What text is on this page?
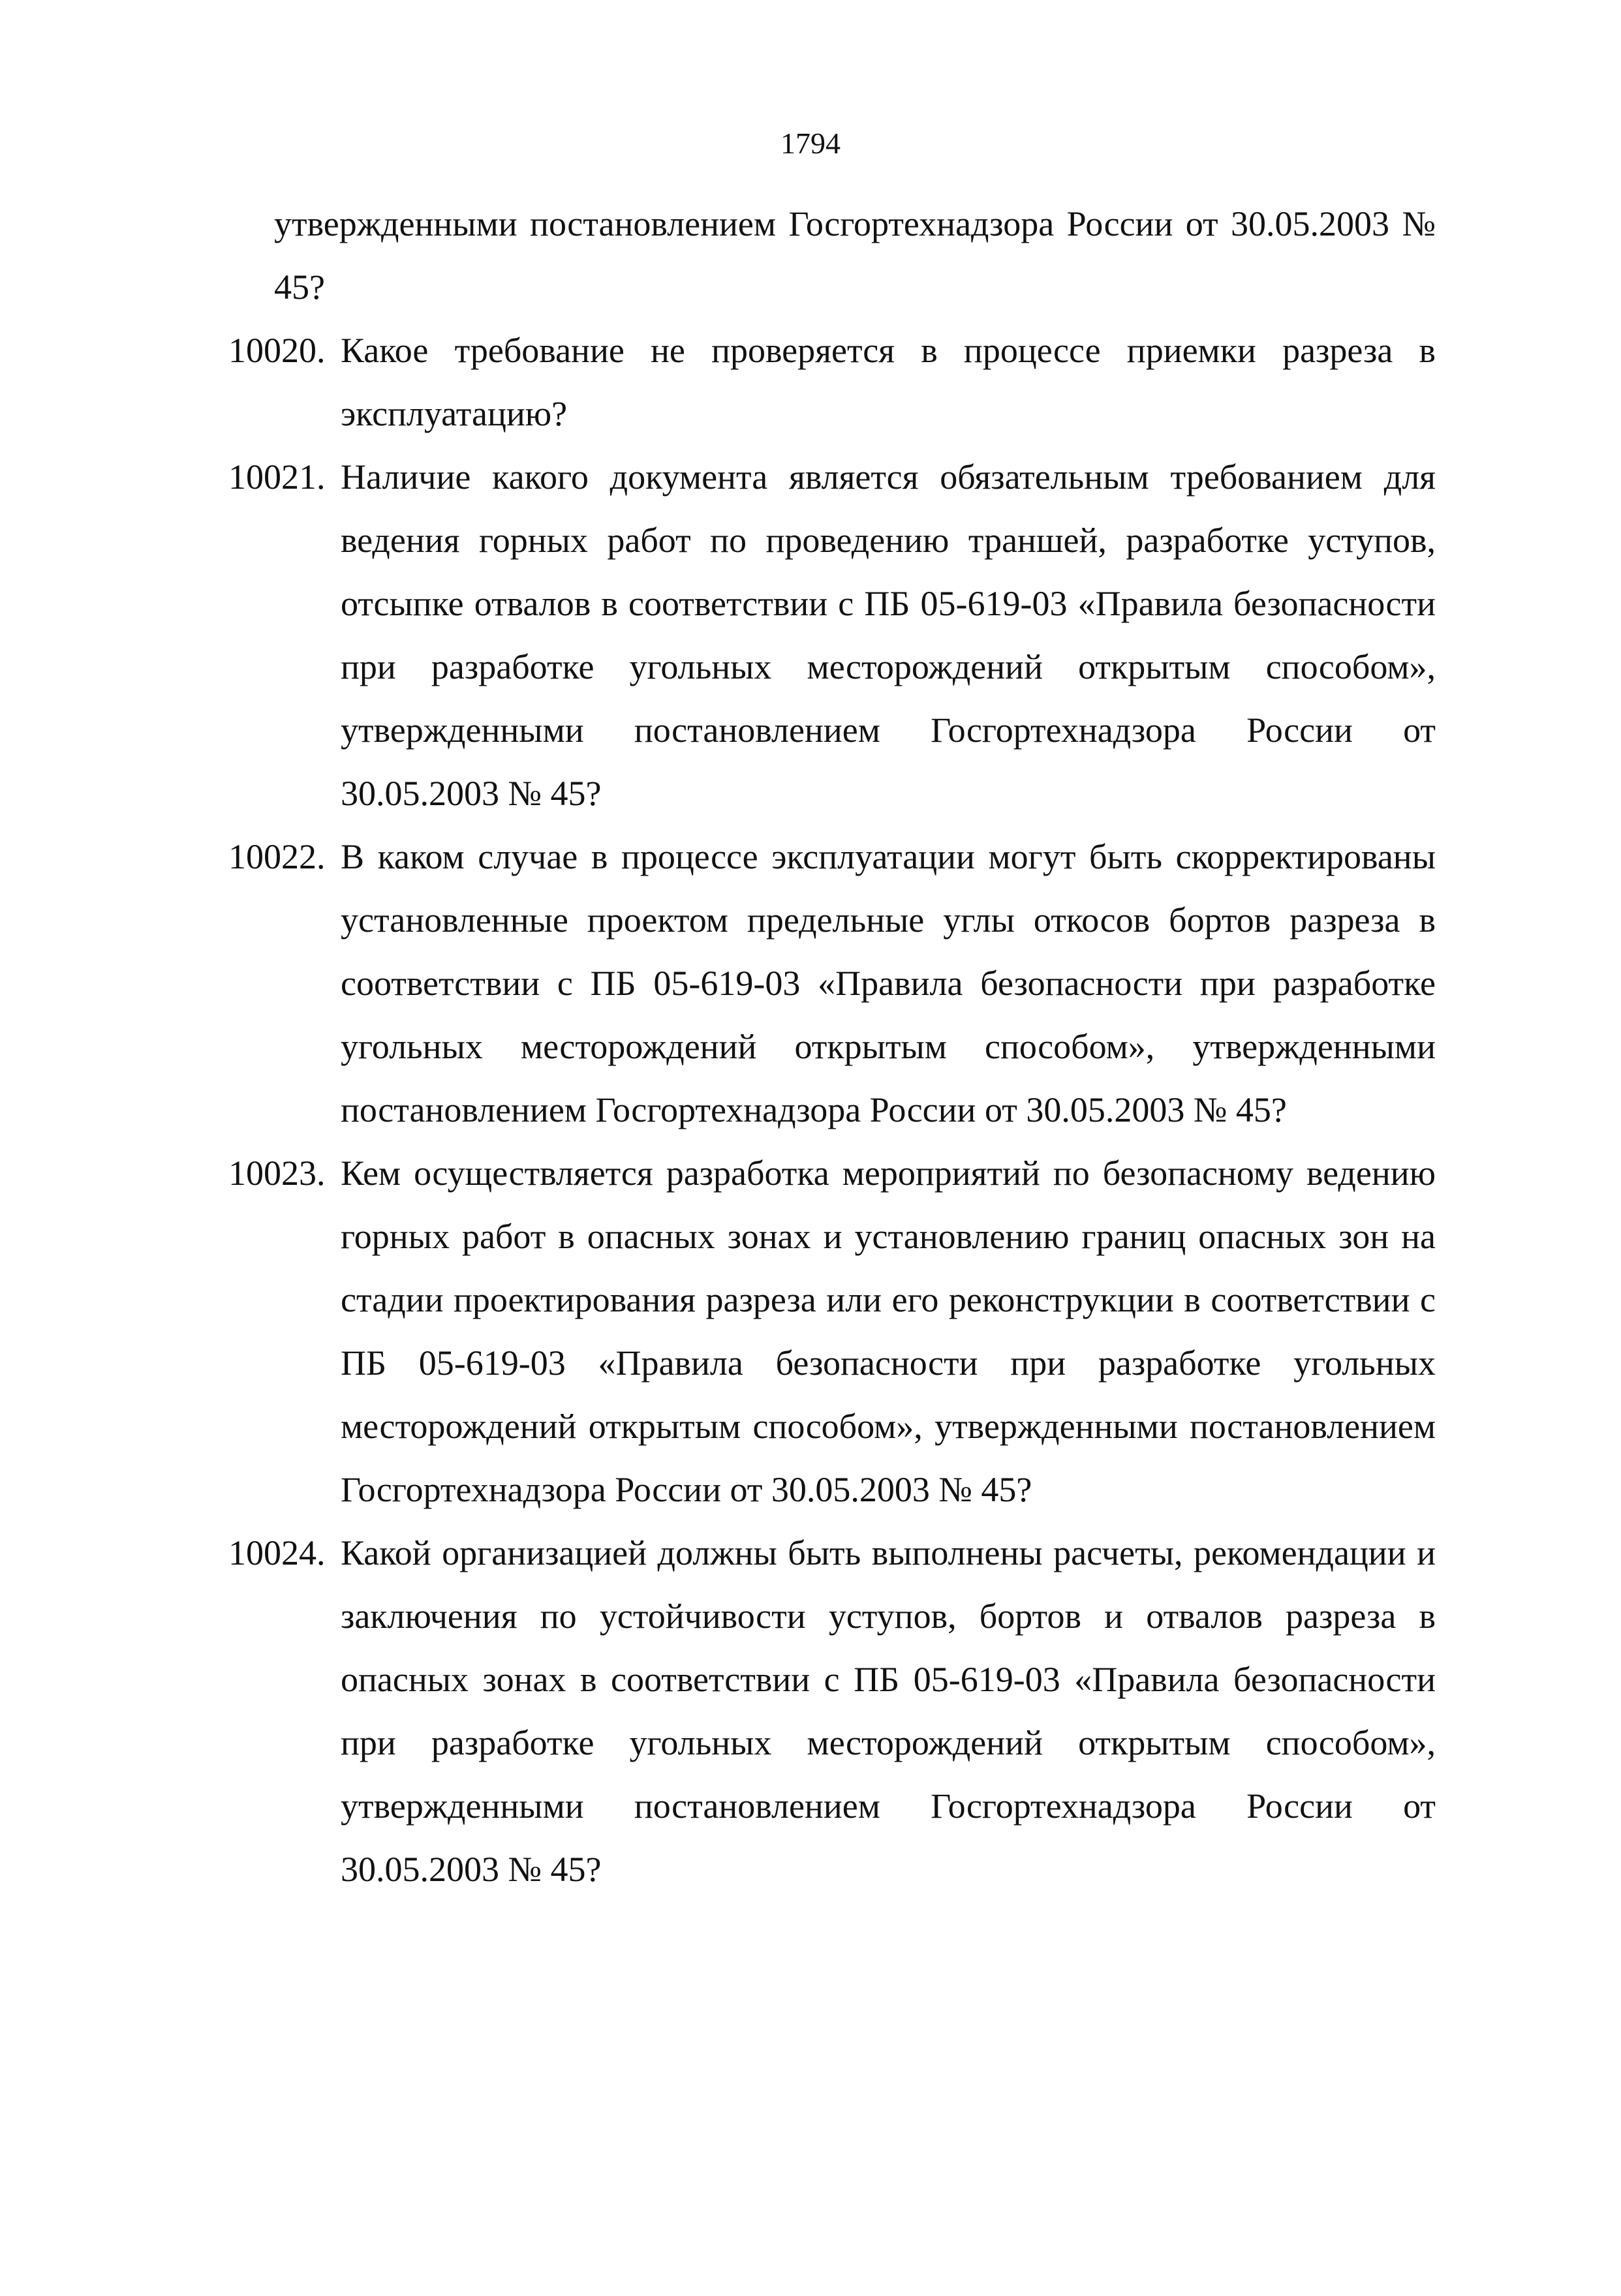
1794
утвержденными постановлением Госгортехнадзора России от 30.05.2003 № 45?
10020. Какое требование не проверяется в процессе приемки разреза в эксплуатацию?
10021. Наличие какого документа является обязательным требованием для ведения горных работ по проведению траншей, разработке уступов, отсыпке отвалов в соответствии с ПБ 05-619-03 «Правила безопасности при разработке угольных месторождений открытым способом», утвержденными постановлением Госгортехнадзора России от 30.05.2003 № 45?
10022. В каком случае в процессе эксплуатации могут быть скорректированы установленные проектом предельные углы откосов бортов разреза в соответствии с ПБ 05-619-03 «Правила безопасности при разработке угольных месторождений открытым способом», утвержденными постановлением Госгортехнадзора России от 30.05.2003 № 45?
10023. Кем осуществляется разработка мероприятий по безопасному ведению горных работ в опасных зонах и установлению границ опасных зон на стадии проектирования разреза или его реконструкции в соответствии с ПБ 05-619-03 «Правила безопасности при разработке угольных месторождений открытым способом», утвержденными постановлением Госгортехнадзора России от 30.05.2003 № 45?
10024. Какой организацией должны быть выполнены расчеты, рекомендации и заключения по устойчивости уступов, бортов и отвалов разреза в опасных зонах в соответствии с ПБ 05-619-03 «Правила безопасности при разработке угольных месторождений открытым способом», утвержденными постановлением Госгортехнадзора России от 30.05.2003 № 45?
